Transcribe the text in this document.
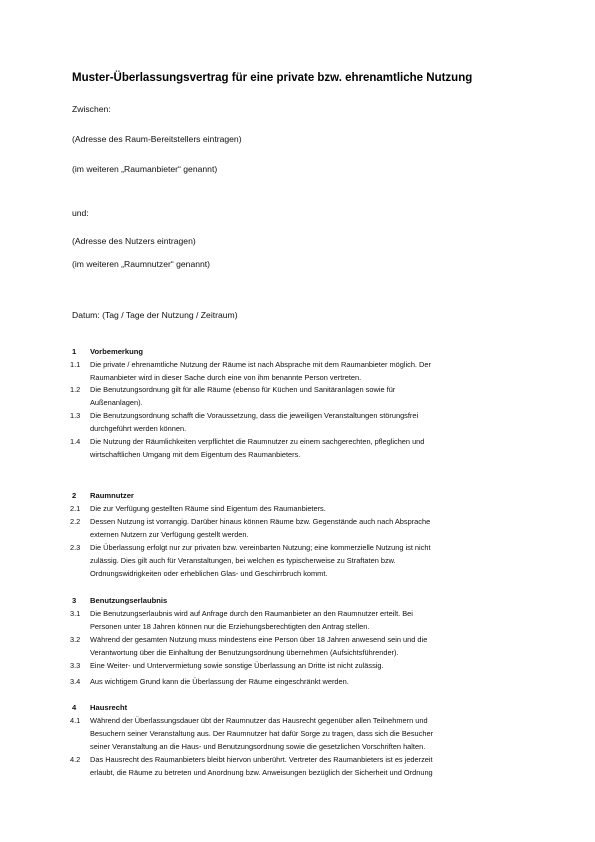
Muster-Überlassungsvertrag für eine private bzw. ehrenamtliche Nutzung
Zwischen:
(Adresse des Raum-Bereitstellers eintragen)
(im weiteren „Raumanbieter“ genannt)
und:
(Adresse des Nutzers eintragen)
(im weiteren „Raumnutzer“ genannt)
Datum: (Tag / Tage der Nutzung / Zeitraum)
1 Vorbemerkung
1.1 Die private / ehrenamtliche Nutzung der Räume ist nach Absprache mit dem Raumanbieter möglich. Der
Raumanbieter wird in dieser Sache durch eine von ihm benannte Person vertreten.
1.2 Die Benutzungsordnung gilt für alle Räume (ebenso für Küchen und Sanitäranlagen sowie für
Außenanlagen).
1.3 Die Benutzungsordnung schafft die Voraussetzung, dass die jeweiligen Veranstaltungen störungsfrei
durchgeführt werden können.
1.4 Die Nutzung der Räumlichkeiten verpflichtet die Raumnutzer zu einem sachgerechten, pfleglichen und
wirtschaftlichen Umgang mit dem Eigentum des Raumanbieters.
2 Raumnutzer
2.1 Die zur Verfügung gestellten Räume sind Eigentum des Raumanbieters.
2.2 Dessen Nutzung ist vorrangig. Darüber hinaus können Räume bzw. Gegenstände auch nach Absprache
externen Nutzern zur Verfügung gestellt werden.
2.3 Die Überlassung erfolgt nur zur privaten bzw. vereinbarten Nutzung; eine kommerzielle Nutzung ist nicht
zulässig. Dies gilt auch für Veranstaltungen, bei welchen es typischerweise zu Straftaten bzw.
Ordnungswidrigkeiten oder erheblichen Glas- und Geschirrbruch kommt.
3 Benutzungserlaubnis
3.1 Die Benutzungserlaubnis wird auf Anfrage durch den Raumanbieter an den Raumnutzer erteilt. Bei
Personen unter 18 Jahren können nur die Erziehungsberechtigten den Antrag stellen.
3.2 Während der gesamten Nutzung muss mindestens eine Person über 18 Jahren anwesend sein und die
Verantwortung über die Einhaltung der Benutzungsordnung übernehmen (Aufsichtsführender).
3.3 Eine Weiter- und Untervermietung sowie sonstige Überlassung an Dritte ist nicht zulässig.
3.4 Aus wichtigem Grund kann die Überlassung der Räume eingeschränkt werden.
4 Hausrecht
4.1 Während der Überlassungsdauer übt der Raumnutzer das Hausrecht gegenüber allen Teilnehmern und
Besuchern seiner Veranstaltung aus. Der Raumnutzer hat dafür Sorge zu tragen, dass sich die Besucher
seiner Veranstaltung an die Haus- und Benutzungsordnung sowie die gesetzlichen Vorschriften halten.
4.2 Das Hausrecht des Raumanbieters bleibt hiervon unberührt. Vertreter des Raumanbieters ist es jederzeit
erlaubt, die Räume zu betreten und Anordnung bzw. Anweisungen bezüglich der Sicherheit und Ordnung
